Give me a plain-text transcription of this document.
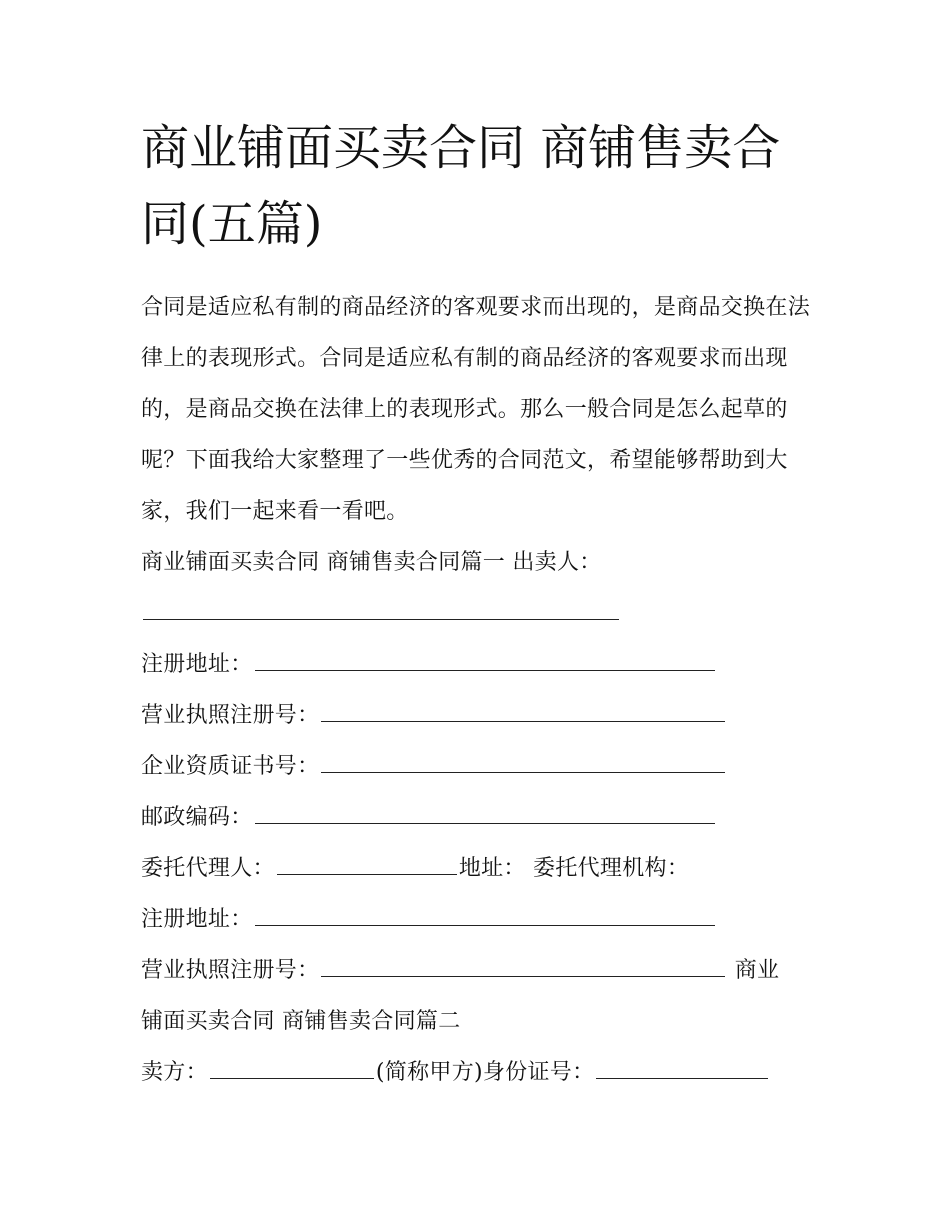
商业铺面买卖合同 商铺售卖合同(五篇)
合同是适应私有制的商品经济的客观要求而出现的，是商品交换在法律上的表现形式。合同是适应私有制的商品经济的客观要求而出现的，是商品交换在法律上的表现形式。那么一般合同是怎么起草的呢？下面我给大家整理了一些优秀的合同范文，希望能够帮助到大家，我们一起来看一看吧。
商业铺面买卖合同 商铺售卖合同篇一 出卖人：
注册地址：
营业执照注册号：
企业资质证书号：
邮政编码：
委托代理人：	地址： 委托代理机构：
注册地址：
营业执照注册号：	商业
铺面买卖合同 商铺售卖合同篇二
卖方：	(简称甲方)身份证号：
